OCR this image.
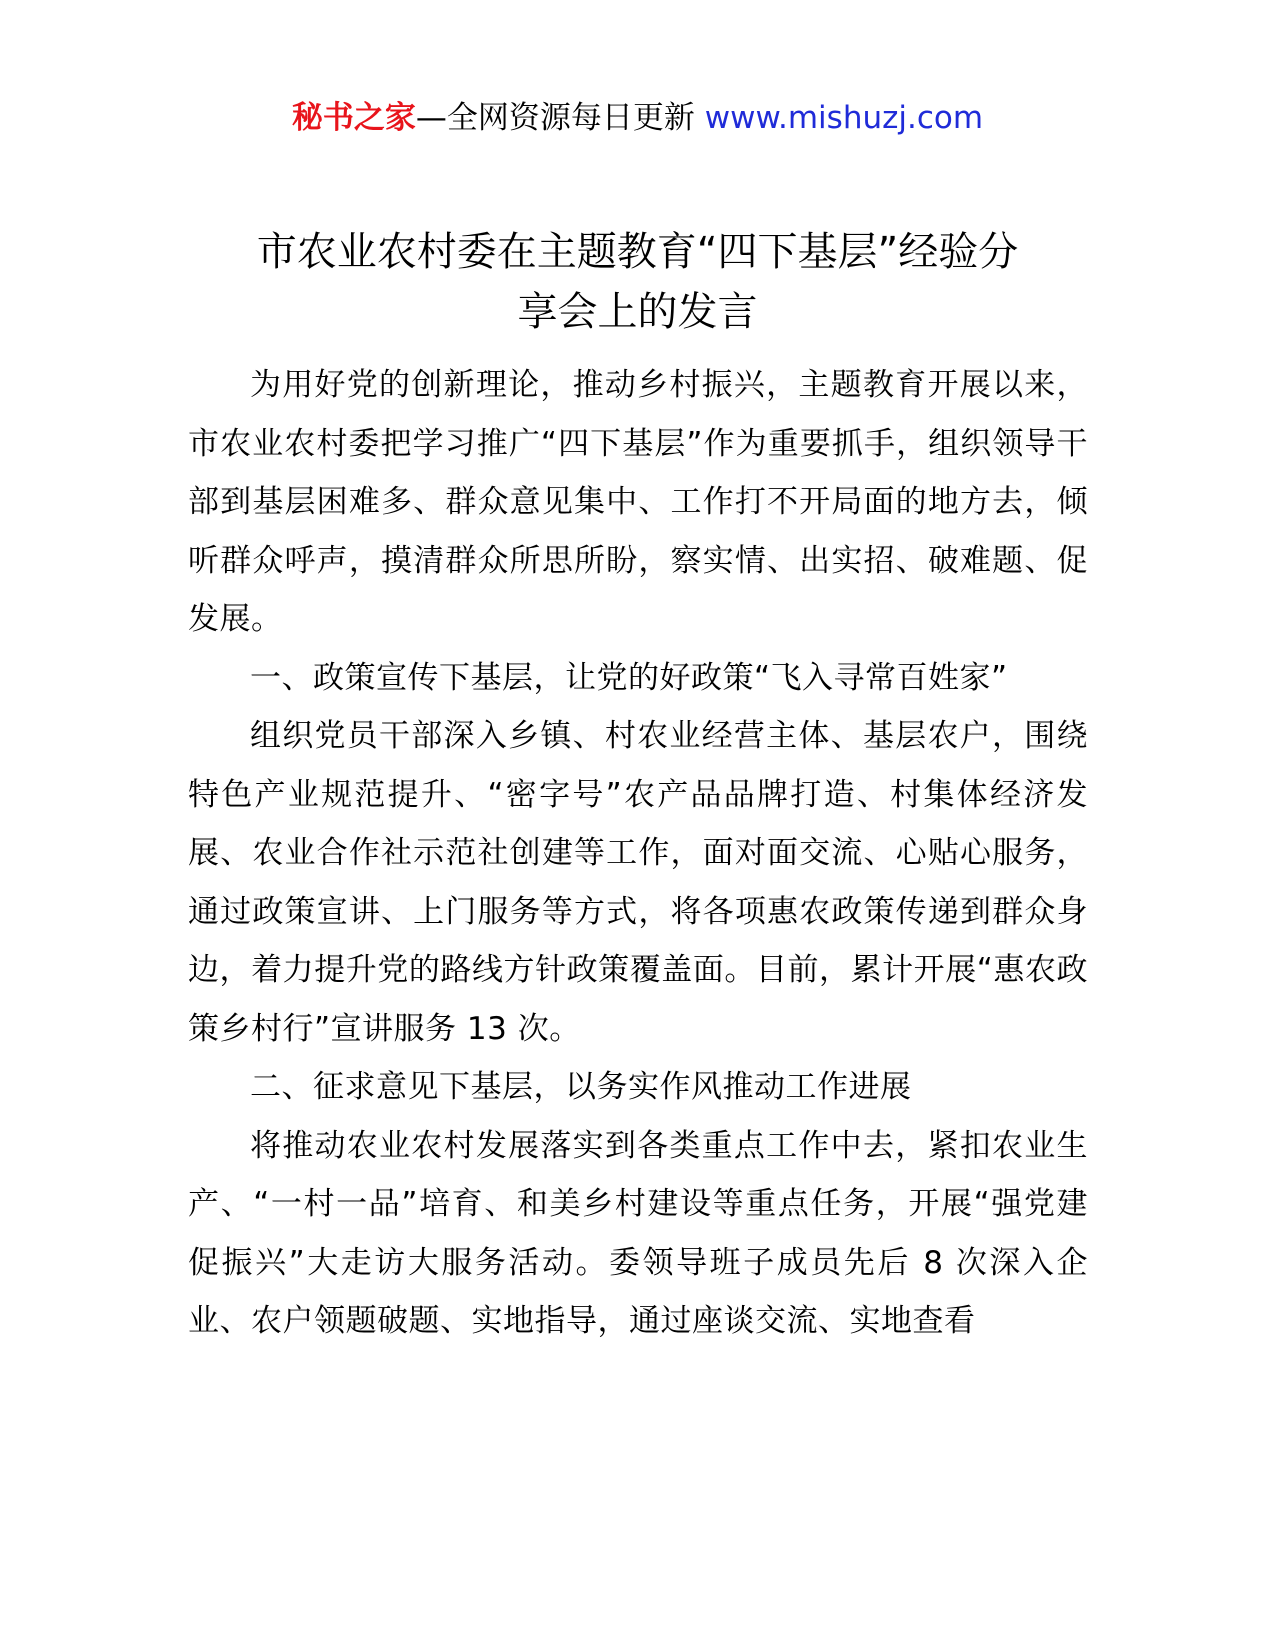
秘书之家—全网资源每日更新 www.mishuzj.com
市农业农村委在主题教育“四下基层”经验分
享会上的发言

为用好党的创新理论，推动乡村振兴，主题教育开展以来，市农业农村委把学习推广“四下基层”作为重要抓手，组织领导干部到基层困难多、群众意见集中、工作打不开局面的地方去，倾听群众呼声，摸清群众所思所盼，察实情、出实招、破难题、促发展。

一、政策宣传下基层，让党的好政策“飞入寻常百姓家”

组织党员干部深入乡镇、村农业经营主体、基层农户，围绕特色产业规范提升、“密字号”农产品品牌打造、村集体经济发展、农业合作社示范社创建等工作，面对面交流、心贴心服务，通过政策宣讲、上门服务等方式，将各项惠农政策传递到群众身边，着力提升党的路线方针政策覆盖面。目前，累计开展“惠农政策乡村行”宣讲服务 13 次。

二、征求意见下基层，以务实作风推动工作进展

将推动农业农村发展落实到各类重点工作中去，紧扣农业生产、“一村一品”培育、和美乡村建设等重点任务，开展“强党建促振兴”大走访大服务活动。委领导班子成员先后 8 次深入企业、农户领题破题、实地指导，通过座谈交流、实地查看
